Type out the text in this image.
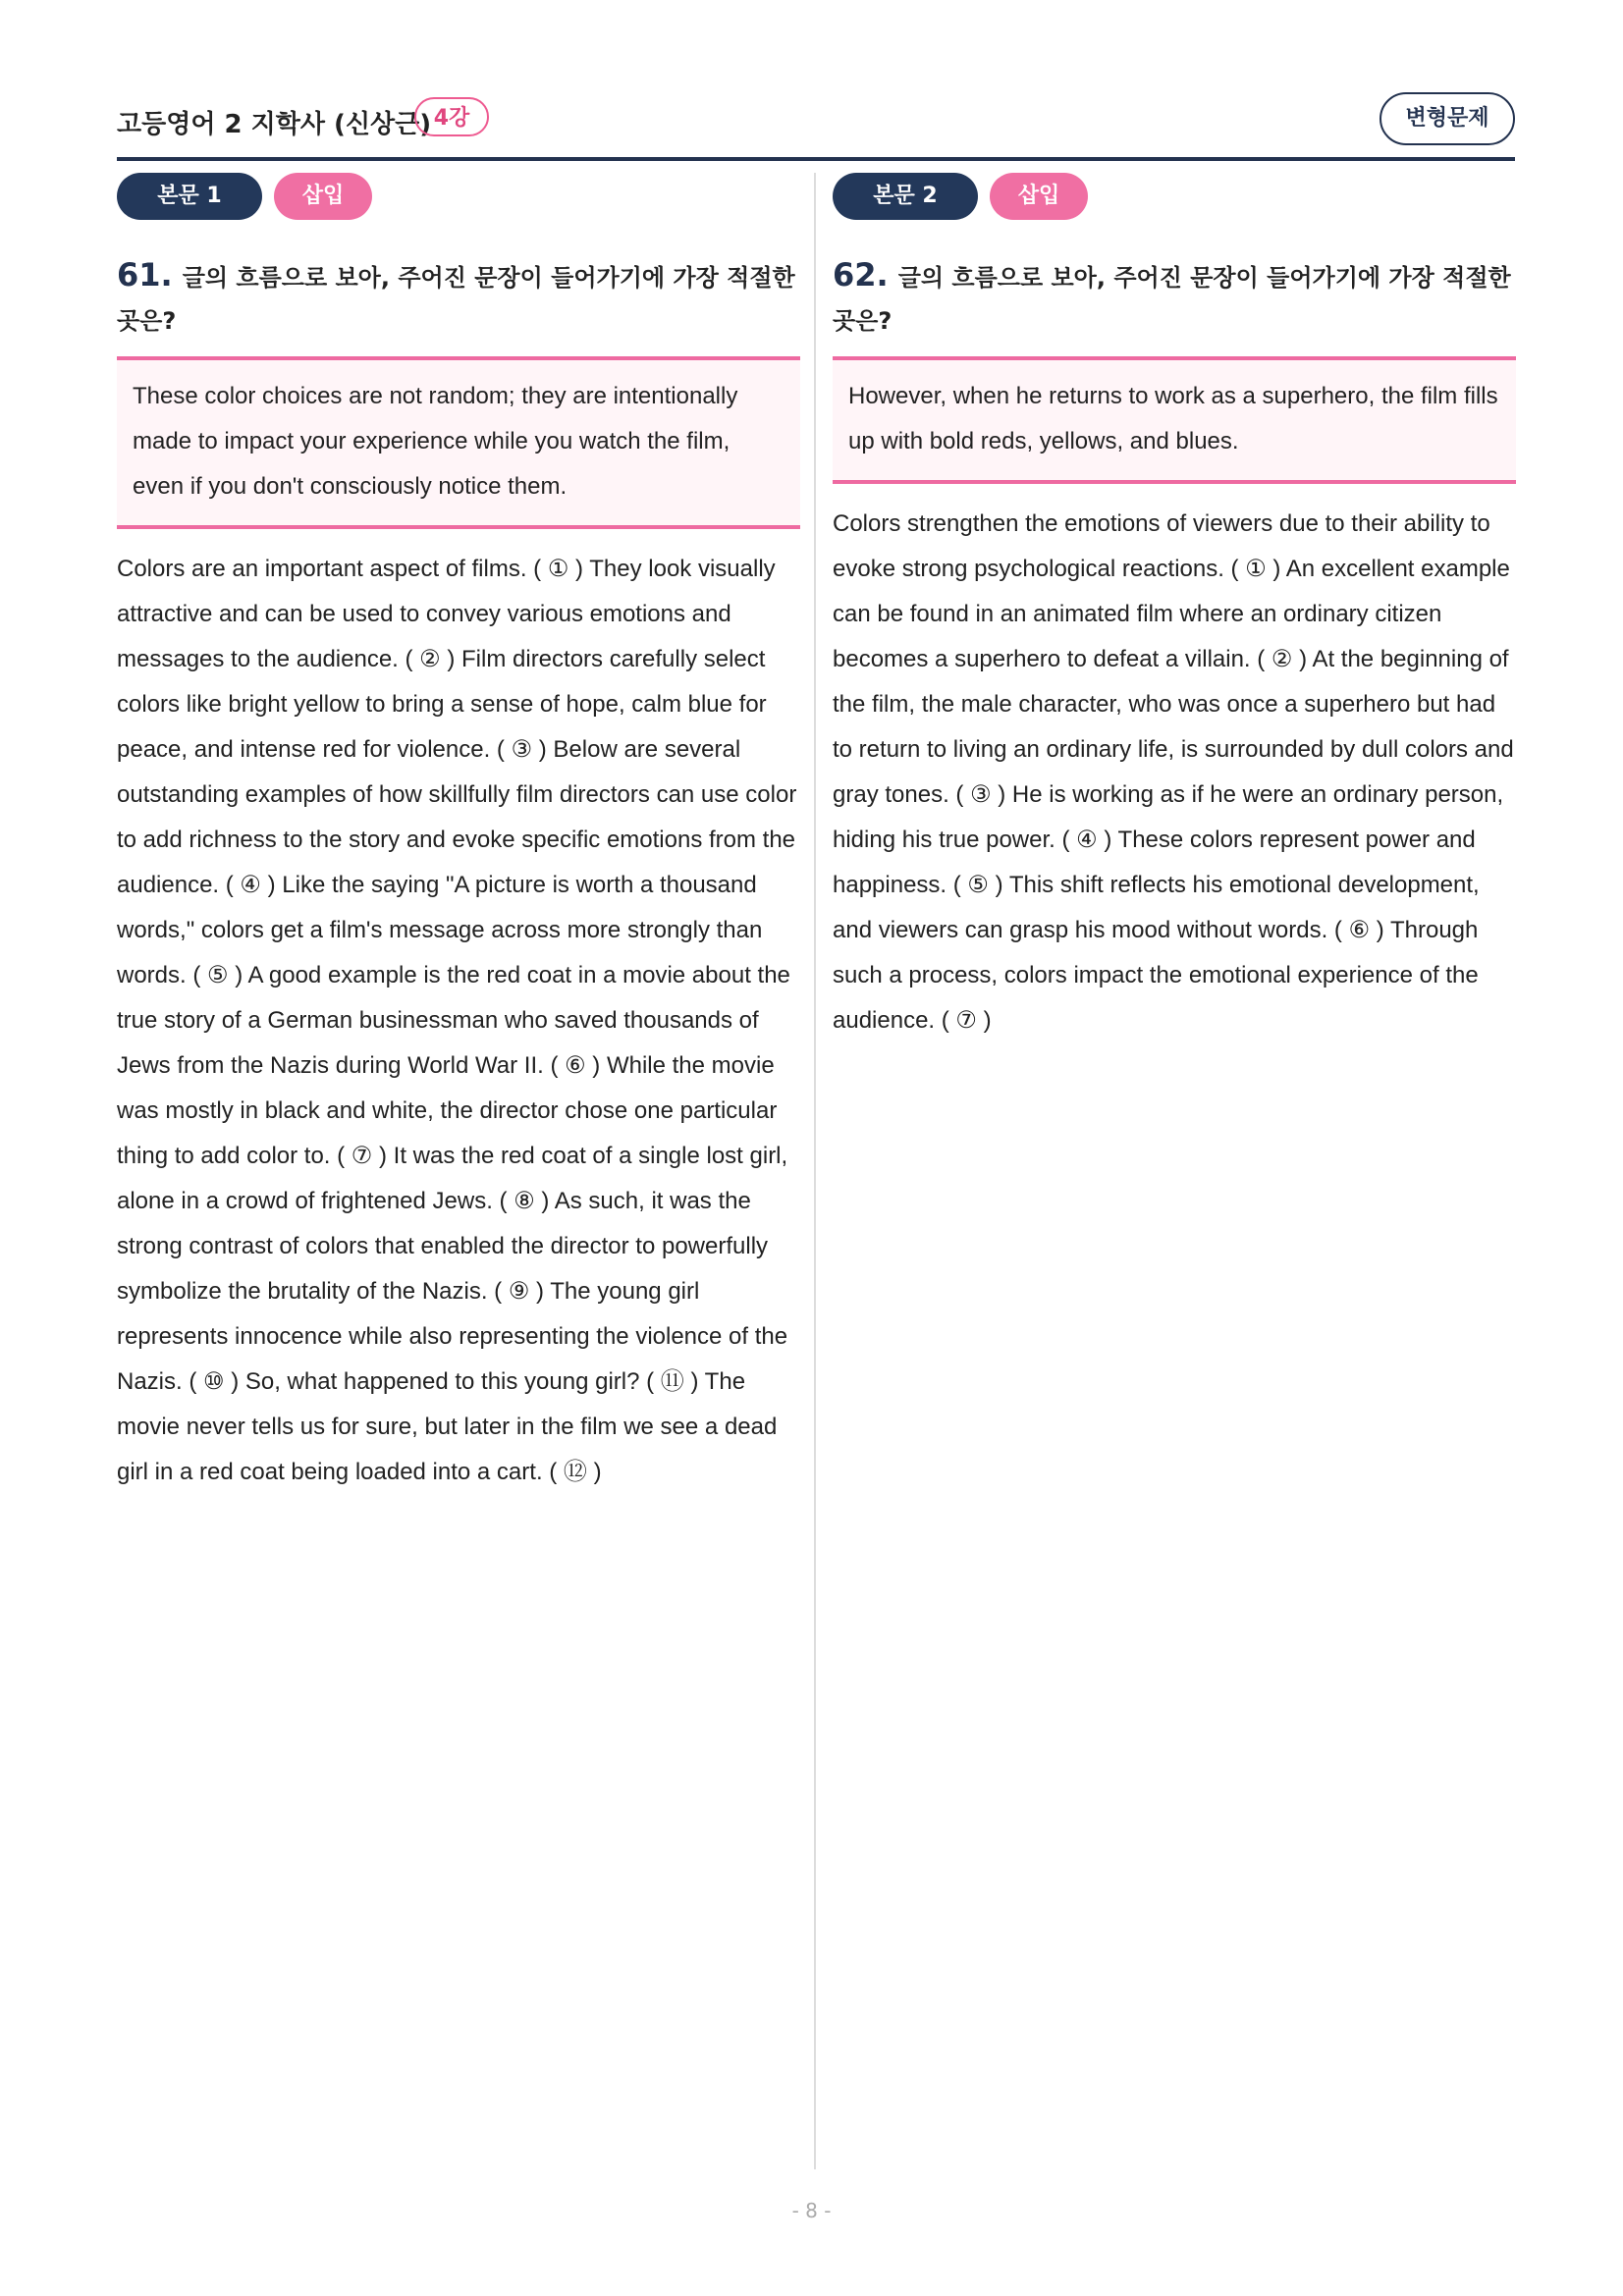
고등영어 2 지학사 (신상근) 4강	변형문제
본문 1	삽입
61. 글의 흐름으로 보아, 주어진 문장이 들어가기에 가장 적절한 곳은?
These color choices are not random; they are intentionally made to impact your experience while you watch the film, even if you don't consciously notice them.
Colors are an important aspect of films. ( ① ) They look visually attractive and can be used to convey various emotions and messages to the audience. ( ② ) Film directors carefully select colors like bright yellow to bring a sense of hope, calm blue for peace, and intense red for violence. ( ③ ) Below are several outstanding examples of how skillfully film directors can use color to add richness to the story and evoke specific emotions from the audience. ( ④ ) Like the saying "A picture is worth a thousand words," colors get a film's message across more strongly than words. ( ⑤ ) A good example is the red coat in a movie about the true story of a German businessman who saved thousands of Jews from the Nazis during World War II. ( ⑥ ) While the movie was mostly in black and white, the director chose one particular thing to add color to. ( ⑦ ) It was the red coat of a single lost girl, alone in a crowd of frightened Jews. ( ⑧ ) As such, it was the strong contrast of colors that enabled the director to powerfully symbolize the brutality of the Nazis. ( ⑨ ) The young girl represents innocence while also representing the violence of the Nazis. ( ⑩ ) So, what happened to this young girl? ( ⑪ ) The movie never tells us for sure, but later in the film we see a dead girl in a red coat being loaded into a cart. ( ⑫ )
본문 2	삽입
62. 글의 흐름으로 보아, 주어진 문장이 들어가기에 가장 적절한 곳은?
However, when he returns to work as a superhero, the film fills up with bold reds, yellows, and blues.
Colors strengthen the emotions of viewers due to their ability to evoke strong psychological reactions. ( ① ) An excellent example can be found in an animated film where an ordinary citizen becomes a superhero to defeat a villain. ( ② ) At the beginning of the film, the male character, who was once a superhero but had to return to living an ordinary life, is surrounded by dull colors and gray tones. ( ③ ) He is working as if he were an ordinary person, hiding his true power. ( ④ ) These colors represent power and happiness. ( ⑤ ) This shift reflects his emotional development, and viewers can grasp his mood without words. ( ⑥ ) Through such a process, colors impact the emotional experience of the audience. ( ⑦ )
- 8 -
